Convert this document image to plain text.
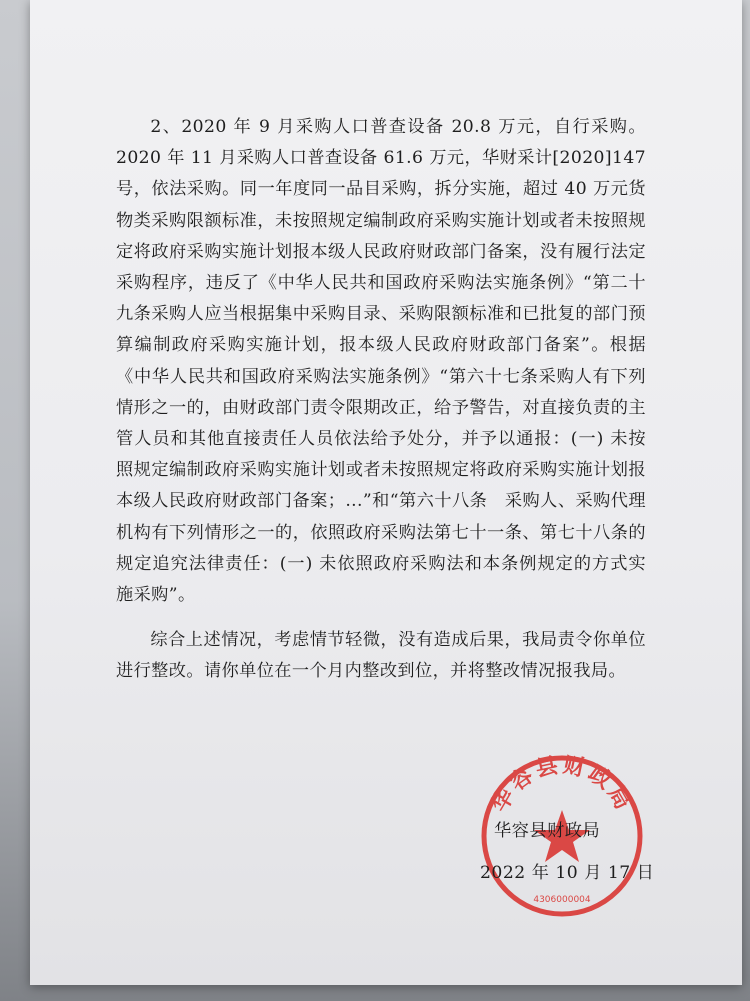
2、2020 年 9 月采购人口普查设备 20.8 万元，自行采购。2020 年 11 月采购人口普查设备 61.6 万元，华财采计[2020]147 号，依法采购。同一年度同一品目采购，拆分实施，超过 40 万元货物类采购限额标准，未按照规定编制政府采购实施计划或者未按照规定将政府采购实施计划报本级人民政府财政部门备案，没有履行法定采购程序，违反了《中华人民共和国政府采购法实施条例》“第二十九条采购人应当根据集中采购目录、采购限额标准和已批复的部门预算编制政府采购实施计划，报本级人民政府财政部门备案”。根据《中华人民共和国政府采购法实施条例》“第六十七条采购人有下列情形之一的，由财政部门责令限期改正，给予警告，对直接负责的主管人员和其他直接责任人员依法给予处分，并予以通报：(一) 未按照规定编制政府采购实施计划或者未按照规定将政府采购实施计划报本级人民政府财政部门备案；...”和“第六十八条　采购人、采购代理机构有下列情形之一的，依照政府采购法第七十一条、第七十八条的规定追究法律责任：(一) 未依照政府采购法和本条例规定的方式实施采购”。

综合上述情况，考虑情节轻微，没有造成后果，我局责令你单位进行整改。请你单位在一个月内整改到位，并将整改情况报我局。

华容县财政局
4306000004
华容县财政局
2022 年 10 月 17 日
